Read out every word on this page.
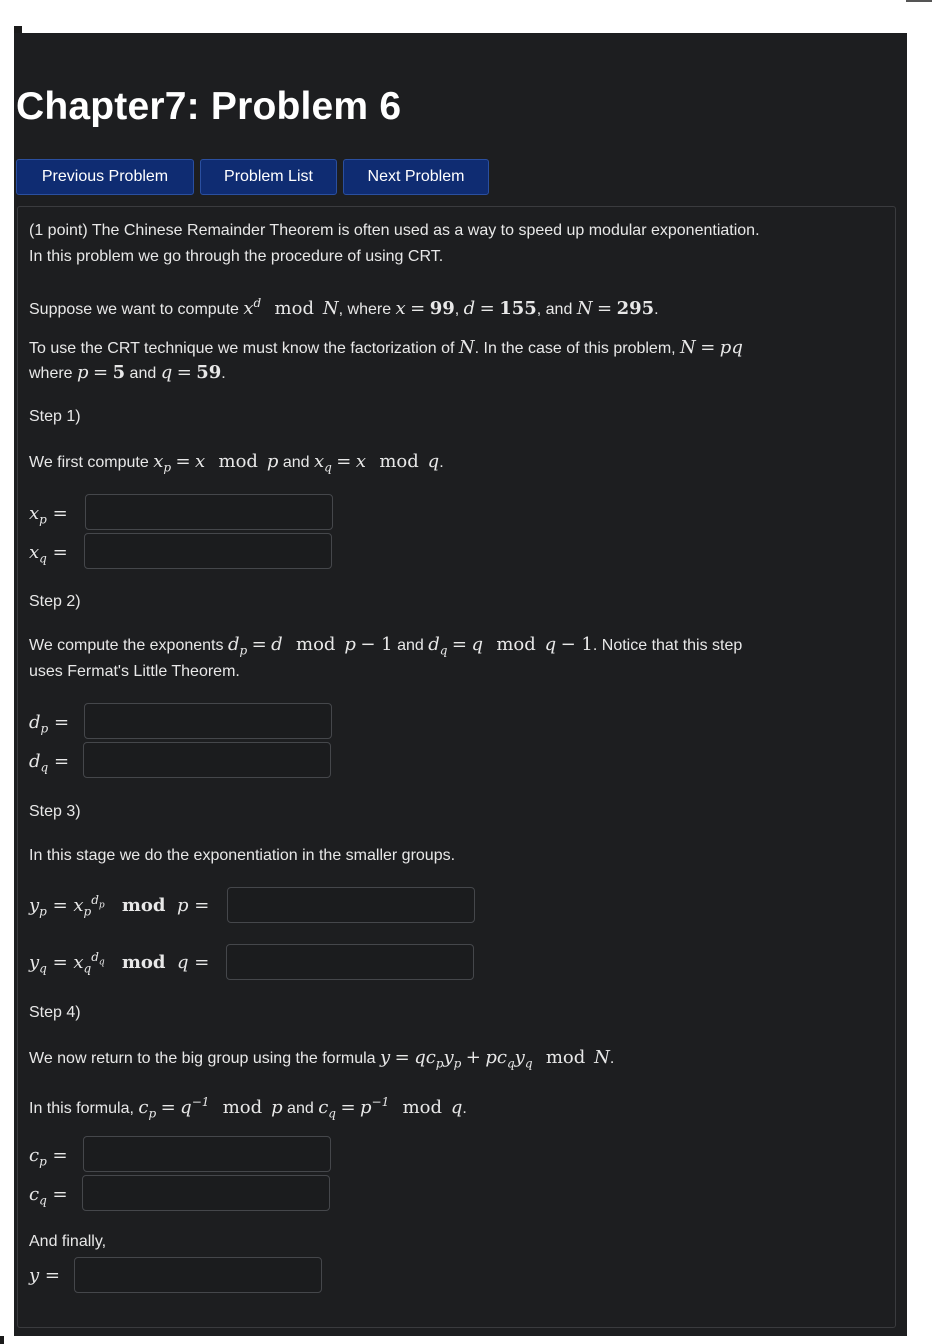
Chapter7: Problem 6
Previous Problem	Problem List	Next Problem
(1 point) The Chinese Remainder Theorem is often used as a way to speed up modular exponentiation.
In this problem we go through the procedure of using CRT.
Suppose we want to compute $x^d$ mod N, where x = 99, d = 155, and N = 295.
To use the CRT technique we must know the factorization of N. In the case of this problem, N = pq
where p = 5 and q = 59.
Step 1)
We first compute $x_p = x$ mod p and $x_q = x$ mod q.
$x_p$ =
$x_q$ =
Step 2)
We compute the exponents $d_p = d$ mod p − 1 and $d_q = q$ mod q − 1. Notice that this step
uses Fermat's Little Theorem.
$d_p$ =
$d_q$ =
Step 3)
In this stage we do the exponentiation in the smaller groups.
$y_p = x_p^{d_p}$ mod  p =
$y_q = x_q^{d_q}$ mod  q =
Step 4)
We now return to the big group using the formula $y = qc_py_p + pc_qy_q$ mod N.
In this formula, $c_p = q^{-1}$ mod p and $c_q = p^{-1}$ mod q.
$c_p$ =
$c_q$ =
And finally,
y =
